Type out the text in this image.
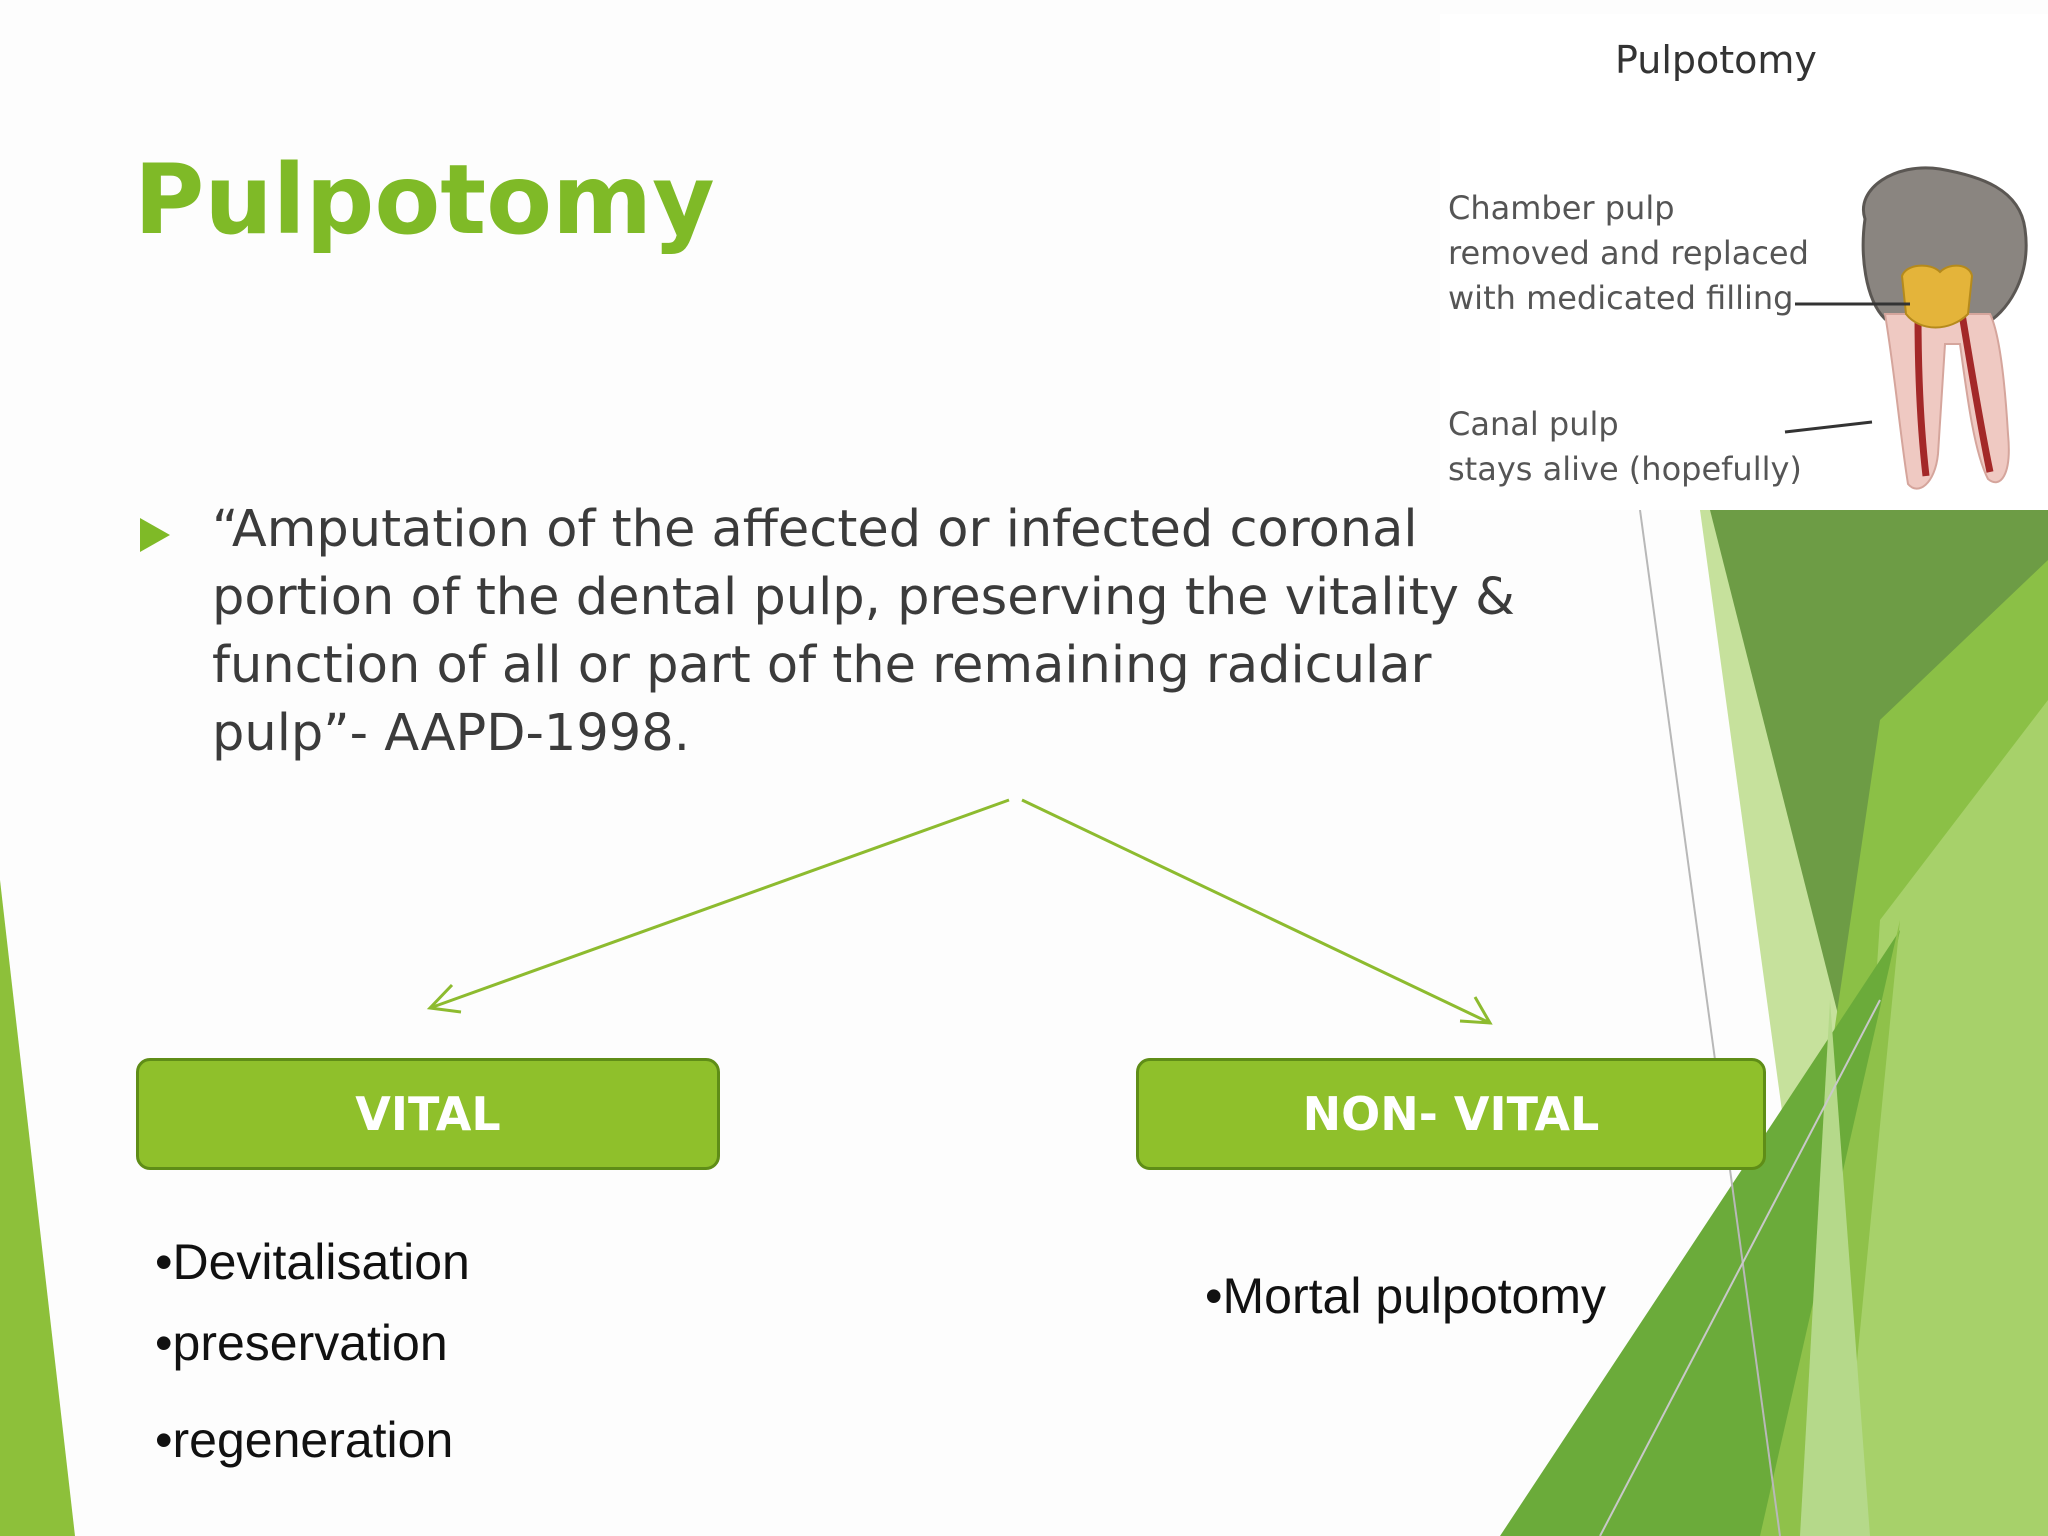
Pulpotomy
Pulpotomy
Chamber pulp
removed and replaced
with medicated filling
Canal pulp
stays alive (hopefully)

“Amputation of the affected or infected coronal portion of the dental pulp, preserving the vitality & function of all or part of the remaining radicular pulp”- AAPD-1998.

VITAL	NON- VITAL

•Devitalisation

•preservation

•regeneration

•Mortal pulpotomy
